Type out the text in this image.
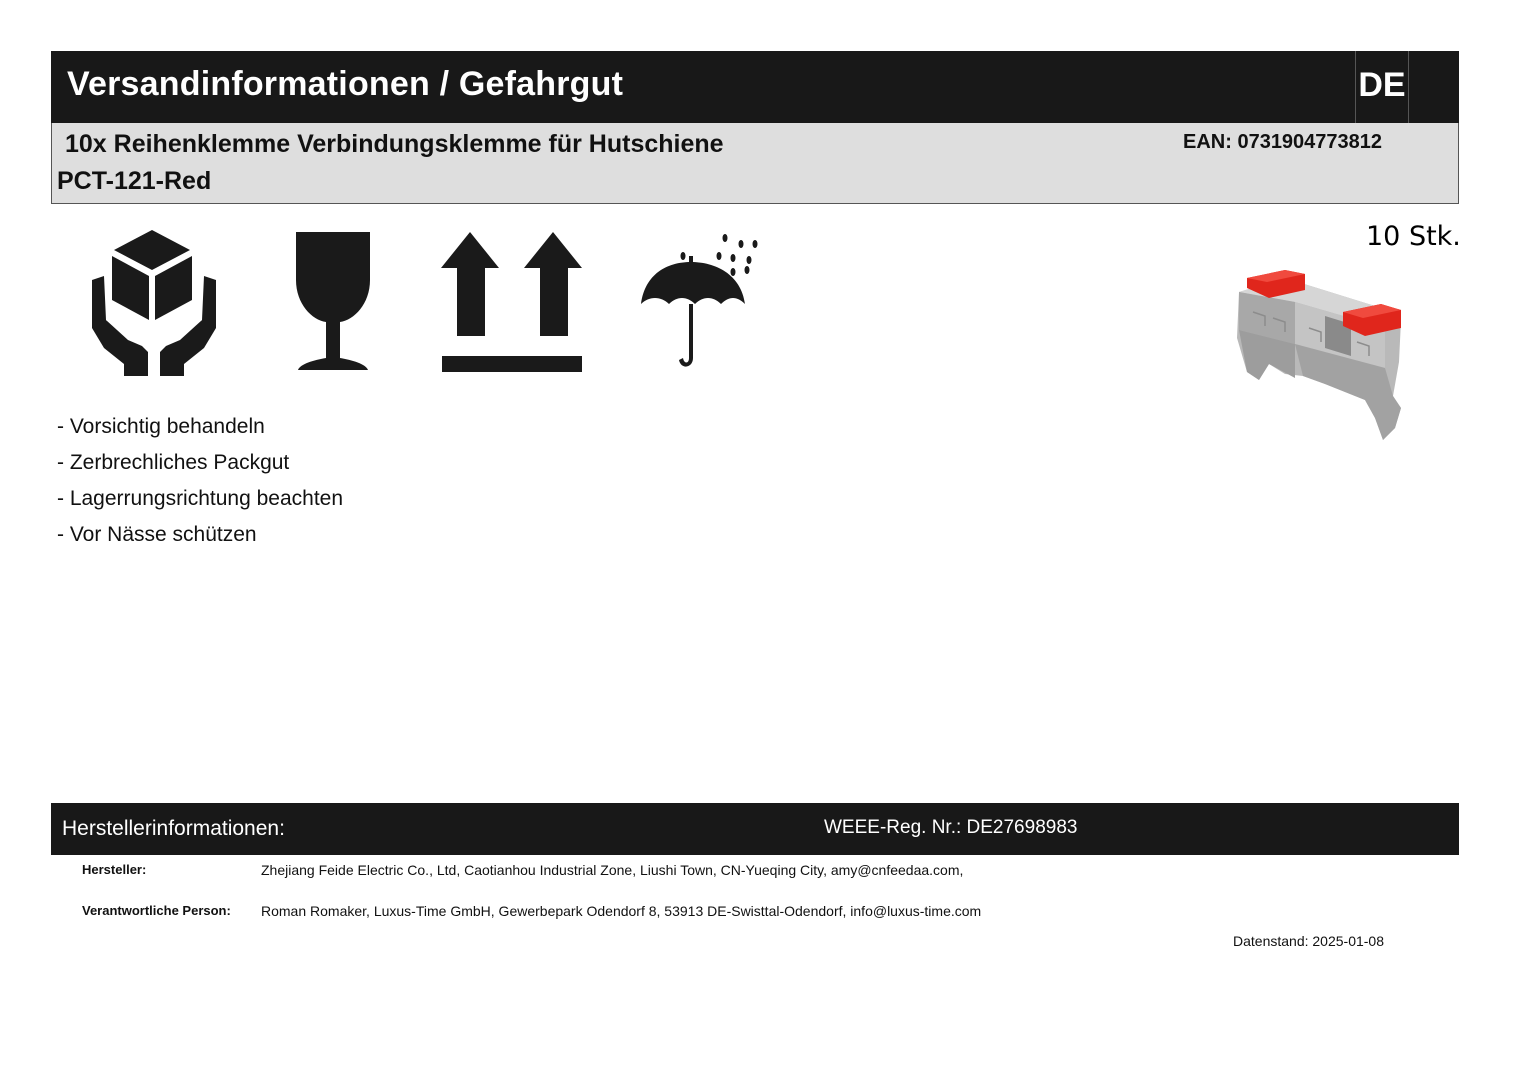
Versandinformationen / Gefahrgut	DE
10x Reihenklemme Verbindungsklemme für Hutschiene
PCT-121-Red
EAN: 0731904773812
10 Stk.
- Vorsichtig behandeln
- Zerbrechliches Packgut
- Lagerrungsrichtung beachten
- Vor Nässe schützen
Herstellerinformationen:	WEEE-Reg. Nr.: DE27698983
Hersteller:	Zhejiang Feide Electric Co., Ltd, Caotianhou Industrial Zone, Liushi Town, CN-Yueqing City, amy@cnfeedaa.com,
Verantwortliche Person: Roman Romaker, Luxus-Time GmbH, Gewerbepark Odendorf 8, 53913 DE-Swisttal-Odendorf, info@luxus-time.com
Datenstand: 2025-01-08
